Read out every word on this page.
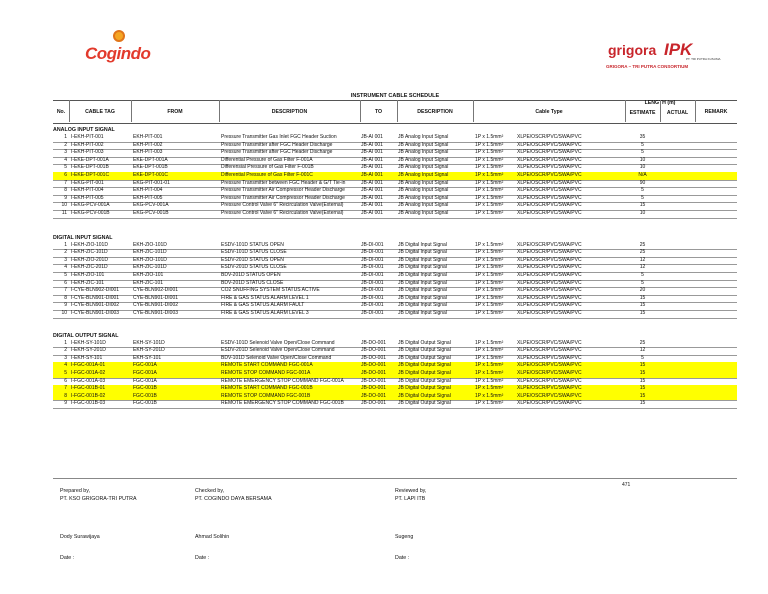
Cogindo	grigora IPK
PT. TRI PUTRA KUSUMA
GRIGORA – TRI PUTRA CONSORTIUM
INSTRUMENT CABLE SCHEDULE
No.	CABLE TAG	FROM	DESCRIPTION	TO	DESCRIPTION	Cable Type
LENGTH (m)
ESTIMATE	ACTUAL	REMARK
ANALOG INPUT SIGNAL
1 I-EKH-PIT-001	EKH-PIT-001	Pressure Transmitter Gas Inlet FGC Header Suction	JB-AI 001	JB Analog Input Signal	1P x 1.5mm²	XLPE/OSCR/PVC/SWA/PVC	35
2 I-EKH-PIT-002	EKH-PIT-002	Pressure Transmitter after FGC Header Discharge	JB-AI 001	JB Analog Input Signal	1P x 1.5mm²	XLPE/OSCR/PVC/SWA/PVC	5
3 I-EKH-PIT-003	EKH-PIT-003	Pressure Transmitter after FGC Header Discharge	JB-AI 001	JB Analog Input Signal	1P x 1.5mm²	XLPE/OSCR/PVC/SWA/PVC	5
4 I-EKE-DPT-001A	EKE-DPT-001A	Differential Pressure of Gas Filter F-001A	JB-AI 001	JB Analog Input Signal	1P x 1.5mm²	XLPE/OSCR/PVC/SWA/PVC	10
5 I-EKE-DPT-001B	EKE-DPT-001B	Differensial Pressure of Gas Filter F-001B	JB-AI 001	JB Analog Input Signal	1P x 1.5mm²	XLPE/OSCR/PVC/SWA/PVC	10
6 I-EKE-DPT-001C	EKE-DPT-001C	Differential Pressure of Gas Filter F-001C	JB-AI 001	JB Analog Input Signal	1P x 1.5mm²	XLPE/OSCR/PVC/SWA/PVC	N/A
7 I-EKG-PIT-001	EKG-PIT-001-01	Pressure Transmitter between FGC Header & G/T Tie-in	JB-AI 001	JB Analog Input Signal	1P x 1.5mm²	XLPE/OSCR/PVC/SWA/PVC	90
8 I-EKH-PIT-004	EKH-PIT-004	Pressure Transmitter Air Compressor Header Discharge	JB-AI 001	JB Analog Input Signal	1P x 1.5mm²	XLPE/OSCR/PVC/SWA/PVC	5
9 I-EKH-PIT-005	EKH-PIT-005	Pressure Transmitter Air Compressor Header Discharge	JB-AI 001	JB Analog Input Signal	1P x 1.5mm²	XLPE/OSCR/PVC/SWA/PVC	5
10 I-EKG-PCV-001A	EKG-PCV-001A	Pressure Control Valve 6" Recirculation Valve(External)	JB-AI 001	JB Analog Input Signal	1P x 1.5mm²	XLPE/OSCR/PVC/SWA/PVC	15
11 I-EKG-PCV-001B	EKG-PCV-001B	Pressure Control Valve 6" Recirculation Valve(External)	JB-AI 001	JB Analog Input Signal	1P x 1.5mm²	XLPE/OSCR/PVC/SWA/PVC	10
DIGITAL INPUT SIGNAL
1 I-EKH-ZIO-101D	EKH-ZIO-101D	ESDV-101D STATUS OPEN	JB-DI-001	JB Digital Input Signal	1P x 1.5mm²	XLPE/OSCR/PVC/SWA/PVC	25
2 I-EKH-ZIC-101D	EKH-ZIC-101D	ESDV-101D STATUS CLOSE	JB-DI-001	JB Digital Input Signal	1P x 1.5mm²	XLPE/OSCR/PVC/SWA/PVC	25
3 I-EKH-ZIO-201D	EKH-ZIO-101D	ESDV-201D STATUS OPEN	JB-DI-001	JB Digital Input Signal	1P x 1.5mm²	XLPE/OSCR/PVC/SWA/PVC	12
4 I-EKH-ZIC-201D	EKH-ZIC-101D	ESDV-201D STATUS CLOSE	JB-DI-001	JB Digital Input Signal	1P x 1.5mm²	XLPE/OSCR/PVC/SWA/PVC	12
5 I-EKH-ZIO-101	EKH-ZIO-101	BDV-201D STATUS OPEN	JB-DI-001	JB Digital Input Signal	1P x 1.5mm²	XLPE/OSCR/PVC/SWA/PVC	5
6 I-EKH-ZIC-101	EKH-ZIC-101	BDV-201D STATUS CLOSE	JB-DI-001	JB Digital Input Signal	1P x 1.5mm²	XLPE/OSCR/PVC/SWA/PVC	5
7 I-CYE-BLN902-DI001	CYE-BLN902-DI001	CO2 SNUFFING SYSTEM STATUS ACTIVE	JB-DI-001	JB Digital Input Signal	1P x 1.5mm²	XLPE/OSCR/PVC/SWA/PVC	20
8 I-CYE-BLN901-DI001	CYE-BLN901-DI001	FIRE & GAS STATUS ALARM LEVEL 1	JB-DI-001	JB Digital Input Signal	1P x 1.5mm²	XLPE/OSCR/PVC/SWA/PVC	15
9 I-CYE-BLN901-DI002	CYE-BLN901-DI002	FIRE & GAS STATUS ALARM FAULT	JB-DI-001	JB Digital Input Signal	1P x 1.5mm²	XLPE/OSCR/PVC/SWA/PVC	15
10 I-CYE-BLN901-DI003	CYE-BLN901-DI003	FIRE & GAS STATUS ALARM LEVEL 3	JB-DI-001	JB Digital Input Signal	1P x 1.5mm²	XLPE/OSCR/PVC/SWA/PVC	15
DIGITAL OUTPUT SIGNAL
1 I-EKH-SY-101D	EKH-SY-101D	ESDV-101D Selenoid Valve Open/Close Command	JB-DO-001	JB Digital Output Signal	1P x 1.5mm²	XLPE/OSCR/PVC/SWA/PVC	25
2 I-EKH-SY-201D	EKH-SY-201D	ESDV-201D Selenoid Valve Open/Close Command	JB-DO-001	JB Digital Output Signal	1P x 1.5mm²	XLPE/OSCR/PVC/SWA/PVC	12
3 I-EKH-SY-101	EKH-SY-101	BDV-101D Selenoid Valve Open/Close Command	JB-DO-001	JB Digital Output Signal	1P x 1.5mm²	XLPE/OSCR/PVC/SWA/PVC	5
4 I-FGC-001A-01	FGC-001A	REMOTE START COMMAND FGC-001A	JB-DO-001	JB Digital Output Signal	1P x 1.5mm²	XLPE/OSCR/PVC/SWA/PVC	15
5 I-FGC-001A-02	FGC-001A	REMOTE STOP COMMAND FGC-001A	JB-DO-001	JB Digital Output Signal	1P x 1.5mm²	XLPE/OSCR/PVC/SWA/PVC	15
6 I-FGC-001A-03	FGC-001A	REMOTE EMERGENCY STOP COMMAND FGC-001A	JB-DO-001	JB Digital Output Signal	1P x 1.5mm²	XLPE/OSCR/PVC/SWA/PVC	15
7 I-FGC-001B-01	FGC-001B	REMOTE START COMMAND FGC-001B	JB-DO-001	JB Digital Output Signal	1P x 1.5mm²	XLPE/OSCR/PVC/SWA/PVC	15
8 I-FGC-001B-02	FGC-001B	REMOTE STOP COMMAND FGC-001B	JB-DO-001	JB Digital Output Signal	1P x 1.5mm²	XLPE/OSCR/PVC/SWA/PVC	15
9 I-FGC-001B-03	FGC-001B	REMOTE EMERGENCY STOP COMMAND FGC-001B	JB-DO-001	JB Digital Output Signal	1P x 1.5mm²	XLPE/OSCR/PVC/SWA/PVC	15
471
Prepared by,
PT. KSO GRIGORA-TRI PUTRA
Dody Surawijaya
Date :
Checked by,
PT. COGINDO DAYA BERSAMA
Ahmad Solihin
Date :
Reviewed by,
PT. LAPI ITB
Sugeng
Date :
